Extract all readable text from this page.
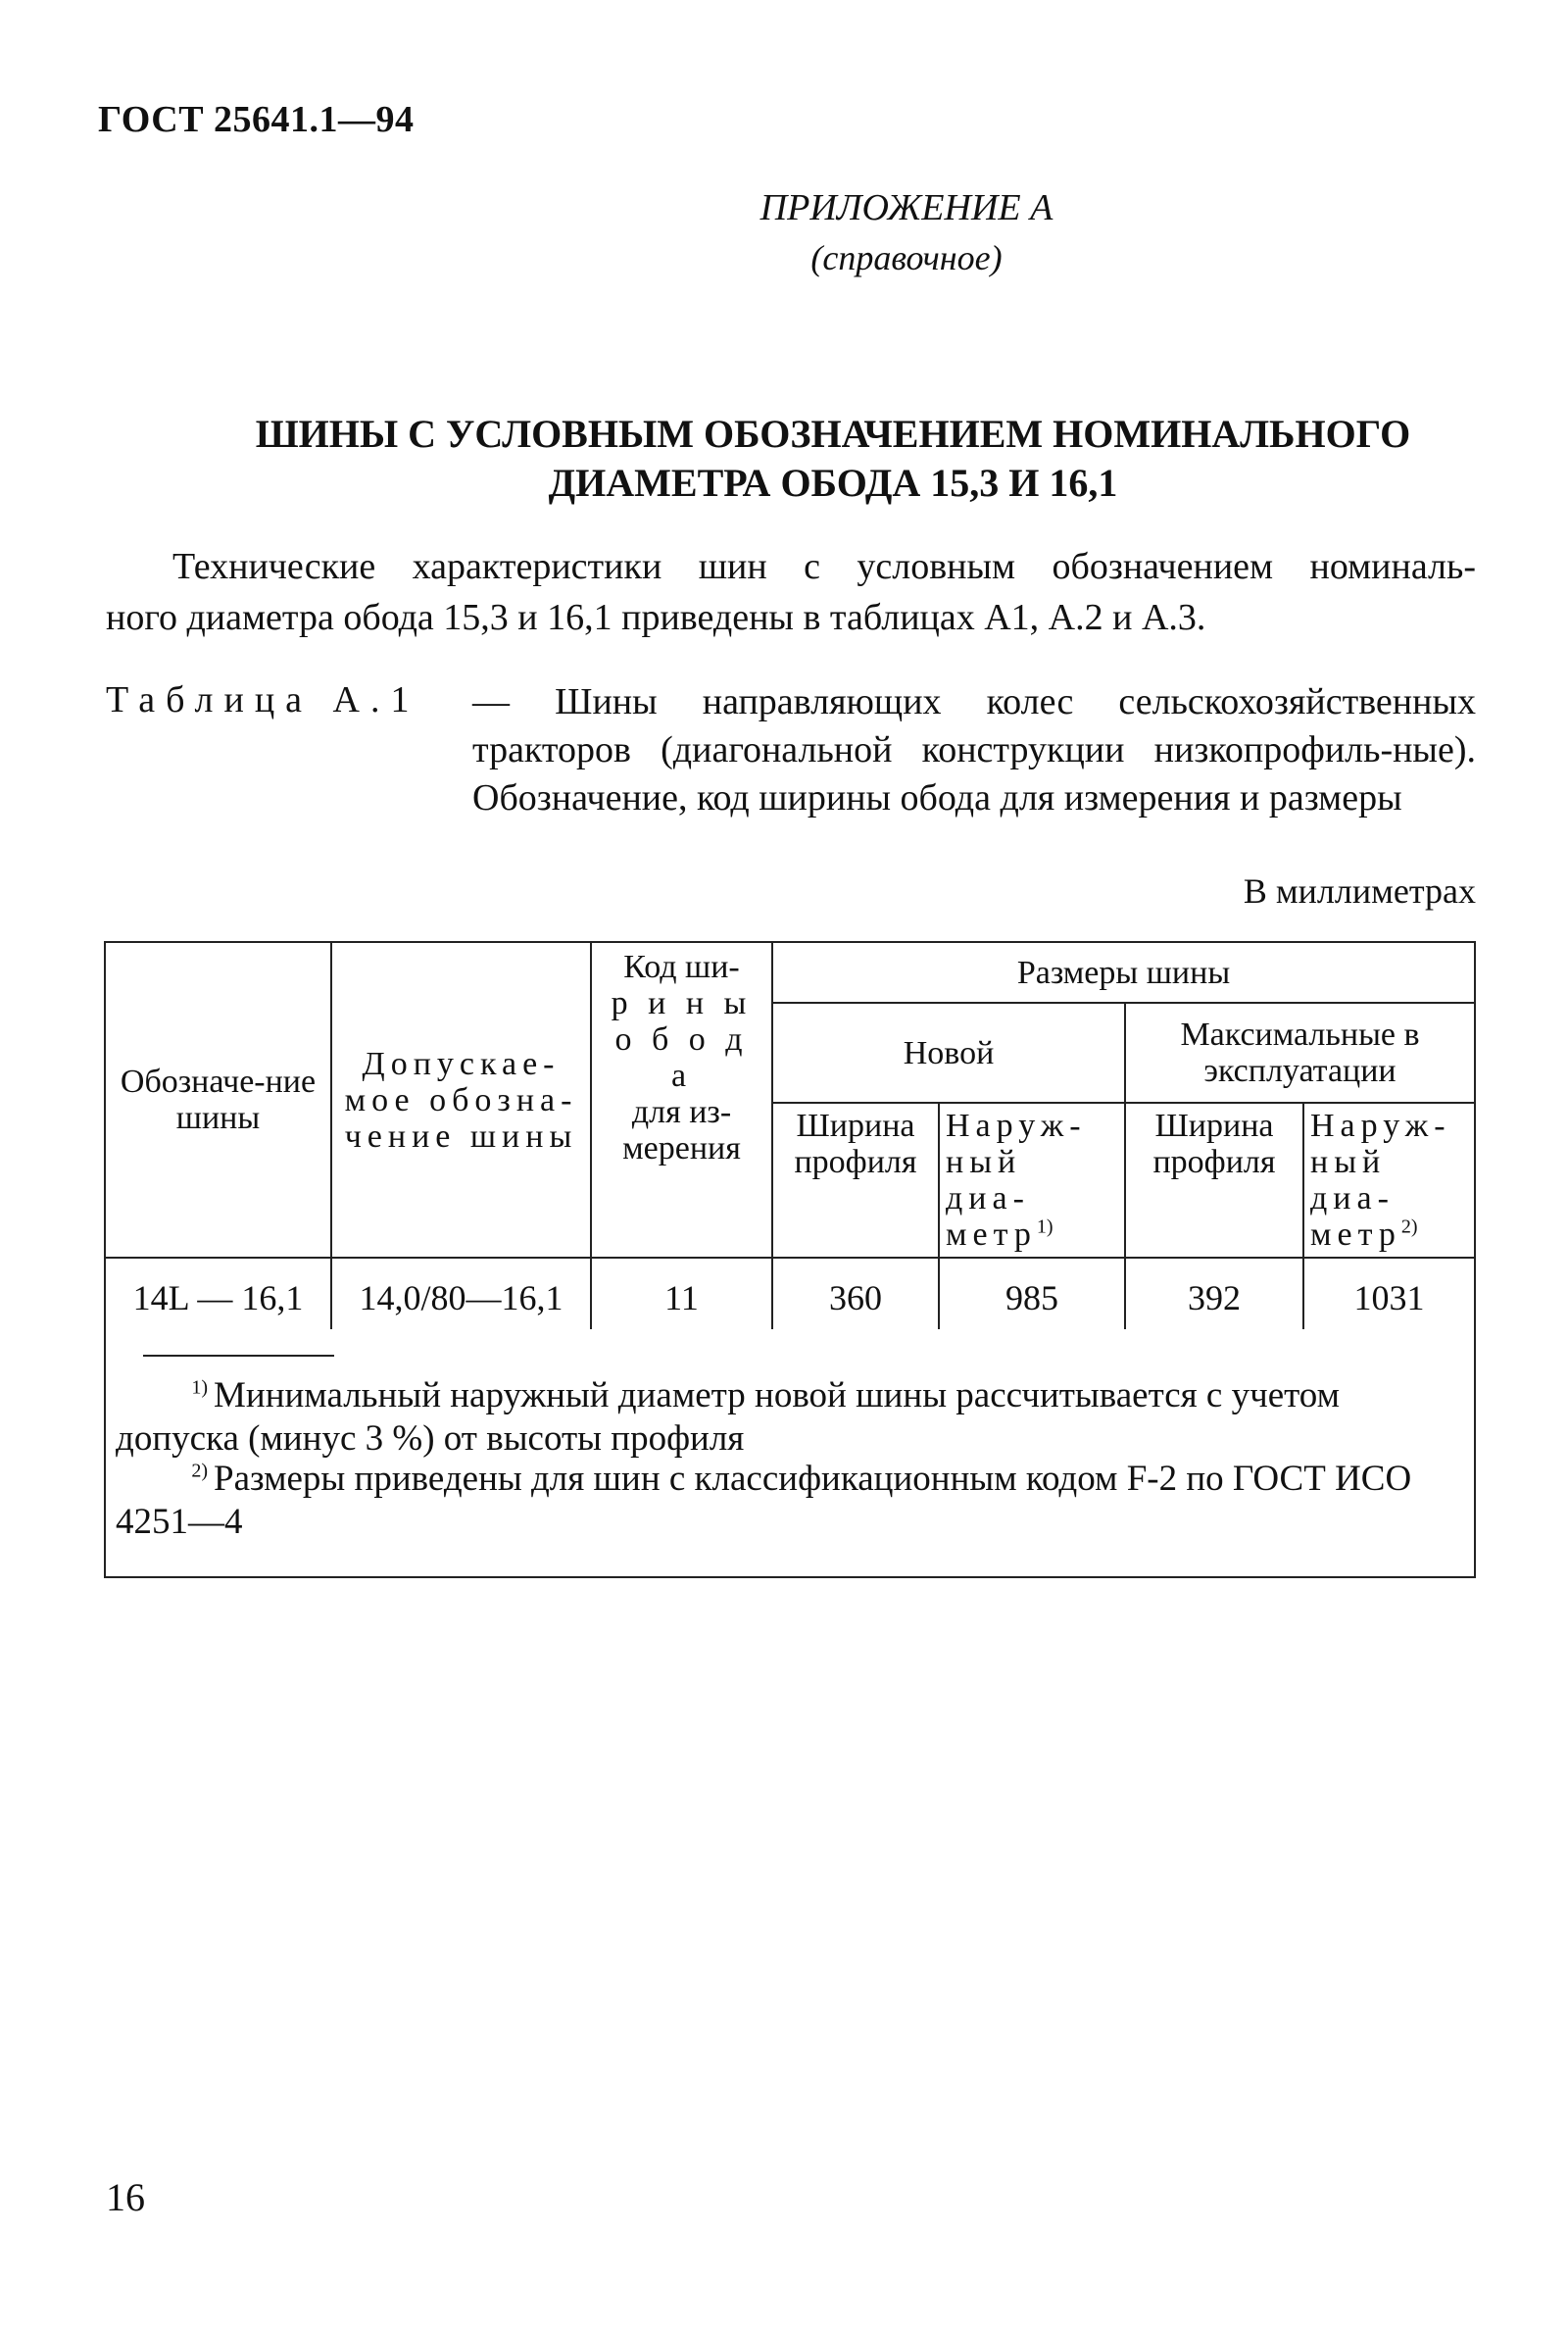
ГОСТ 25641.1—94
ПРИЛОЖЕНИЕ А
(справочное)
ШИНЫ С УСЛОВНЫМ ОБОЗНАЧЕНИЕМ НОМИНАЛЬНОГО
ДИАМЕТРА ОБОДА 15,3 И 16,1
Технические характеристики шин с условным обозначением номиналь-
ного диаметра обода 15,3 и 16,1 приведены в таблицах А1, А.2 и А.3.
Таблица А.1 — Шины направляющих колес сельскохозяйственных тракторов (диагональной конструкции низкопрофиль-ные). Обозначение, код ширины обода для измерения и размеры
В миллиметрах
Обозначе-ние шины	Допускае-мое обозна-чение шины	Код ши-
р и н ы
о б о д а
для из-
мерения	Размеры шины			
			Новой		Максимальные в эксплуатации	
			Ширина профиля	Наруж-ный диа-метр$^{1)}$	Ширина профиля	Наруж-ный диа-метр$^{2)}$
14L — 16,1	14,0/80—16,1	11	360	985	392	1031
$^{1)}$ Минимальный наружный диаметр новой шины рассчитывается с учетом допуска (минус 3 %) от высоты профиля
$^{2)}$ Размеры приведены для шин с классификационным кодом F-2 по ГОСТ ИСО 4251—4
16
